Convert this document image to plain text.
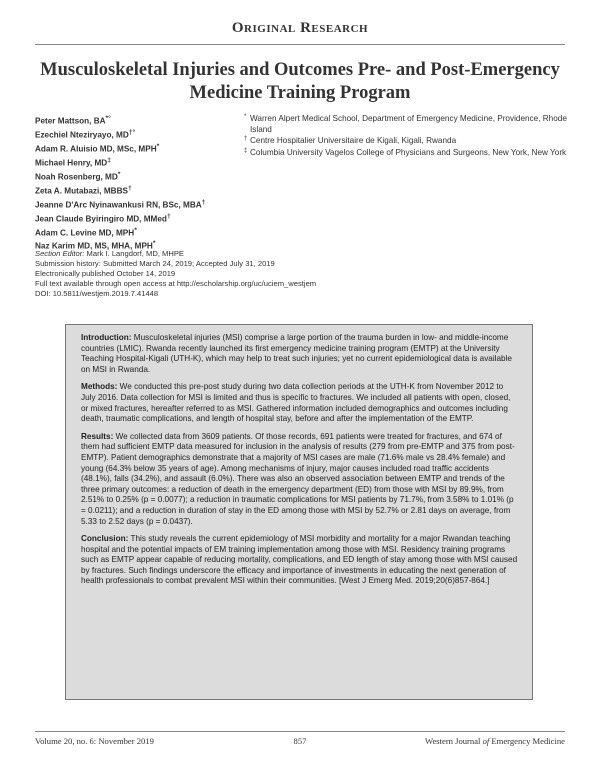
Original Research
Musculoskeletal Injuries and Outcomes Pre- and Post-Emergency Medicine Training Program
Peter Mattson, BA*°
Ezechiel Nteziryayo, MD†°
Adam R. Aluisio MD, MSc, MPH*
Michael Henry, MD‡
Noah Rosenberg, MD*
Zeta A. Mutabazi, MBBS†
Jeanne D'Arc Nyinawankusi RN, BSc, MBA†
Jean Claude Byiringiro MD, MMed†
Adam C. Levine MD, MPH*
Naz Karim MD, MS, MHA, MPH*
* Warren Alpert Medical School, Department of Emergency Medicine, Providence, Rhode Island
† Centre Hospitalier Universitaire de Kigali, Kigali, Rwanda
‡ Columbia University Vagelos College of Physicians and Surgeons, New York, New York
Section Editor: Mark I. Langdorf, MD, MHPE
Submission history: Submitted March 24, 2019; Accepted July 31, 2019
Electronically published October 14, 2019
Full text available through open access at http://escholarship.org/uc/uciem_westjem
DOI: 10.5811/westjem.2019.7.41448

Introduction: Musculoskeletal injuries (MSI) comprise a large portion of the trauma burden in low- and middle-income countries (LMIC). Rwanda recently launched its first emergency medicine training program (EMTP) at the University Teaching Hospital-Kigali (UTH-K), which may help to treat such injuries; yet no current epidemiological data is available on MSI in Rwanda.

Methods: We conducted this pre-post study during two data collection periods at the UTH-K from November 2012 to July 2016. Data collection for MSI is limited and thus is specific to fractures. We included all patients with open, closed, or mixed fractures, hereafter referred to as MSI. Gathered information included demographics and outcomes including death, traumatic complications, and length of hospital stay, before and after the implementation of the EMTP.

Results: We collected data from 3609 patients. Of those records, 691 patients were treated for fractures, and 674 of them had sufficient EMTP data measured for inclusion in the analysis of results (279 from pre-EMTP and 375 from post-EMTP). Patient demographics demonstrate that a majority of MSI cases are male (71.6% male vs 28.4% female) and young (64.3% below 35 years of age). Among mechanisms of injury, major causes included road traffic accidents (48.1%), falls (34.2%), and assault (6.0%). There was also an observed association between EMTP and trends of the three primary outcomes: a reduction of death in the emergency department (ED) from those with MSI by 89.9%, from 2.51% to 0.25% (p = 0.0077); a reduction in traumatic complications for MSI patients by 71.7%, from 3.58% to 1.01% (p = 0.0211); and a reduction in duration of stay in the ED among those with MSI by 52.7% or 2.81 days on average, from 5.33 to 2.52 days (p = 0.0437).

Conclusion: This study reveals the current epidemiology of MSI morbidity and mortality for a major Rwandan teaching hospital and the potential impacts of EM training implementation among those with MSI. Residency training programs such as EMTP appear capable of reducing mortality, complications, and ED length of stay among those with MSI caused by fractures. Such findings underscore the efficacy and importance of investments in educating the next generation of health professionals to combat prevalent MSI within their communities. [West J Emerg Med. 2019;20(6)857-864.]

Volume 20, no. 6: November 2019	857	Western Journal of Emergency Medicine
